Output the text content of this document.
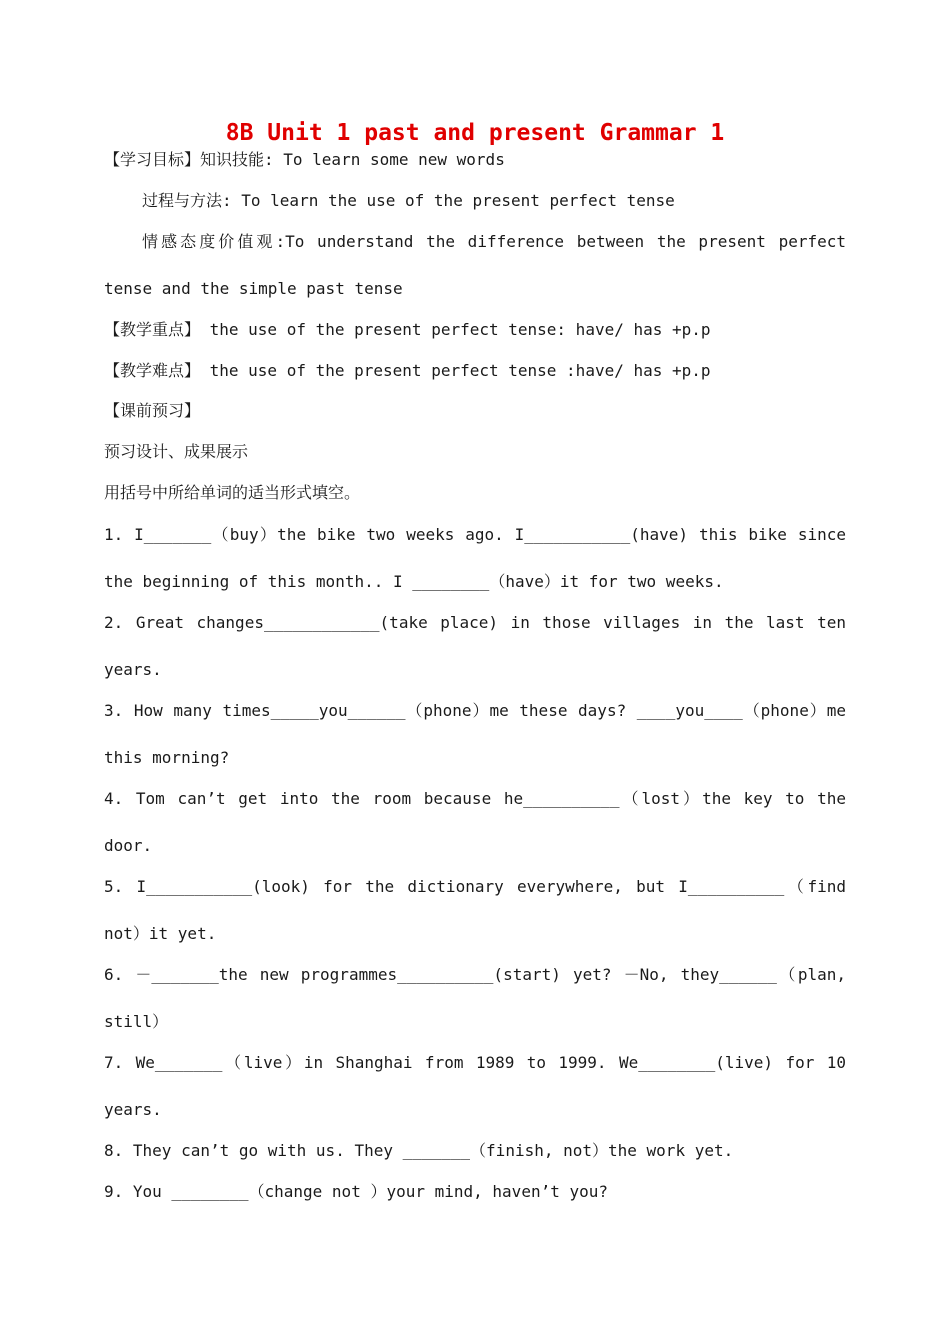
8B Unit 1 past and present Grammar 1
【学习目标】知识技能: To learn some new words
过程与方法: To learn the use of the present perfect tense
情感态度价值观:To understand the difference between the present perfect
tense and the simple past tense
【教学重点】 the use of the present perfect tense: have/ has +p.p
【教学难点】 the use of the present perfect tense :have/ has +p.p
【课前预习】
预习设计、成果展示
用括号中所给单词的适当形式填空。
1. I_______（buy）the bike two weeks ago. I___________(have) this bike since
the beginning of this month.. I ________（have）it for two weeks.
2. Great changes____________(take place) in those villages in the last ten
years.
3. How many times_____you______（phone）me these days? ____you____（phone）me
this morning?
4. Tom can’t get into the room because he__________（lost）the key to the
door.
5. I___________(look) for the dictionary everywhere, but I__________（find
not）it yet.
6. －_______the new programmes__________(start) yet? －No, they______（plan,
still）
7. We_______（live）in Shanghai from 1989 to 1999. We________(live) for 10
years.
8. They can’t go with us. They _______（finish, not）the work yet.
9. You ________（change not ）your mind, haven’t you?
